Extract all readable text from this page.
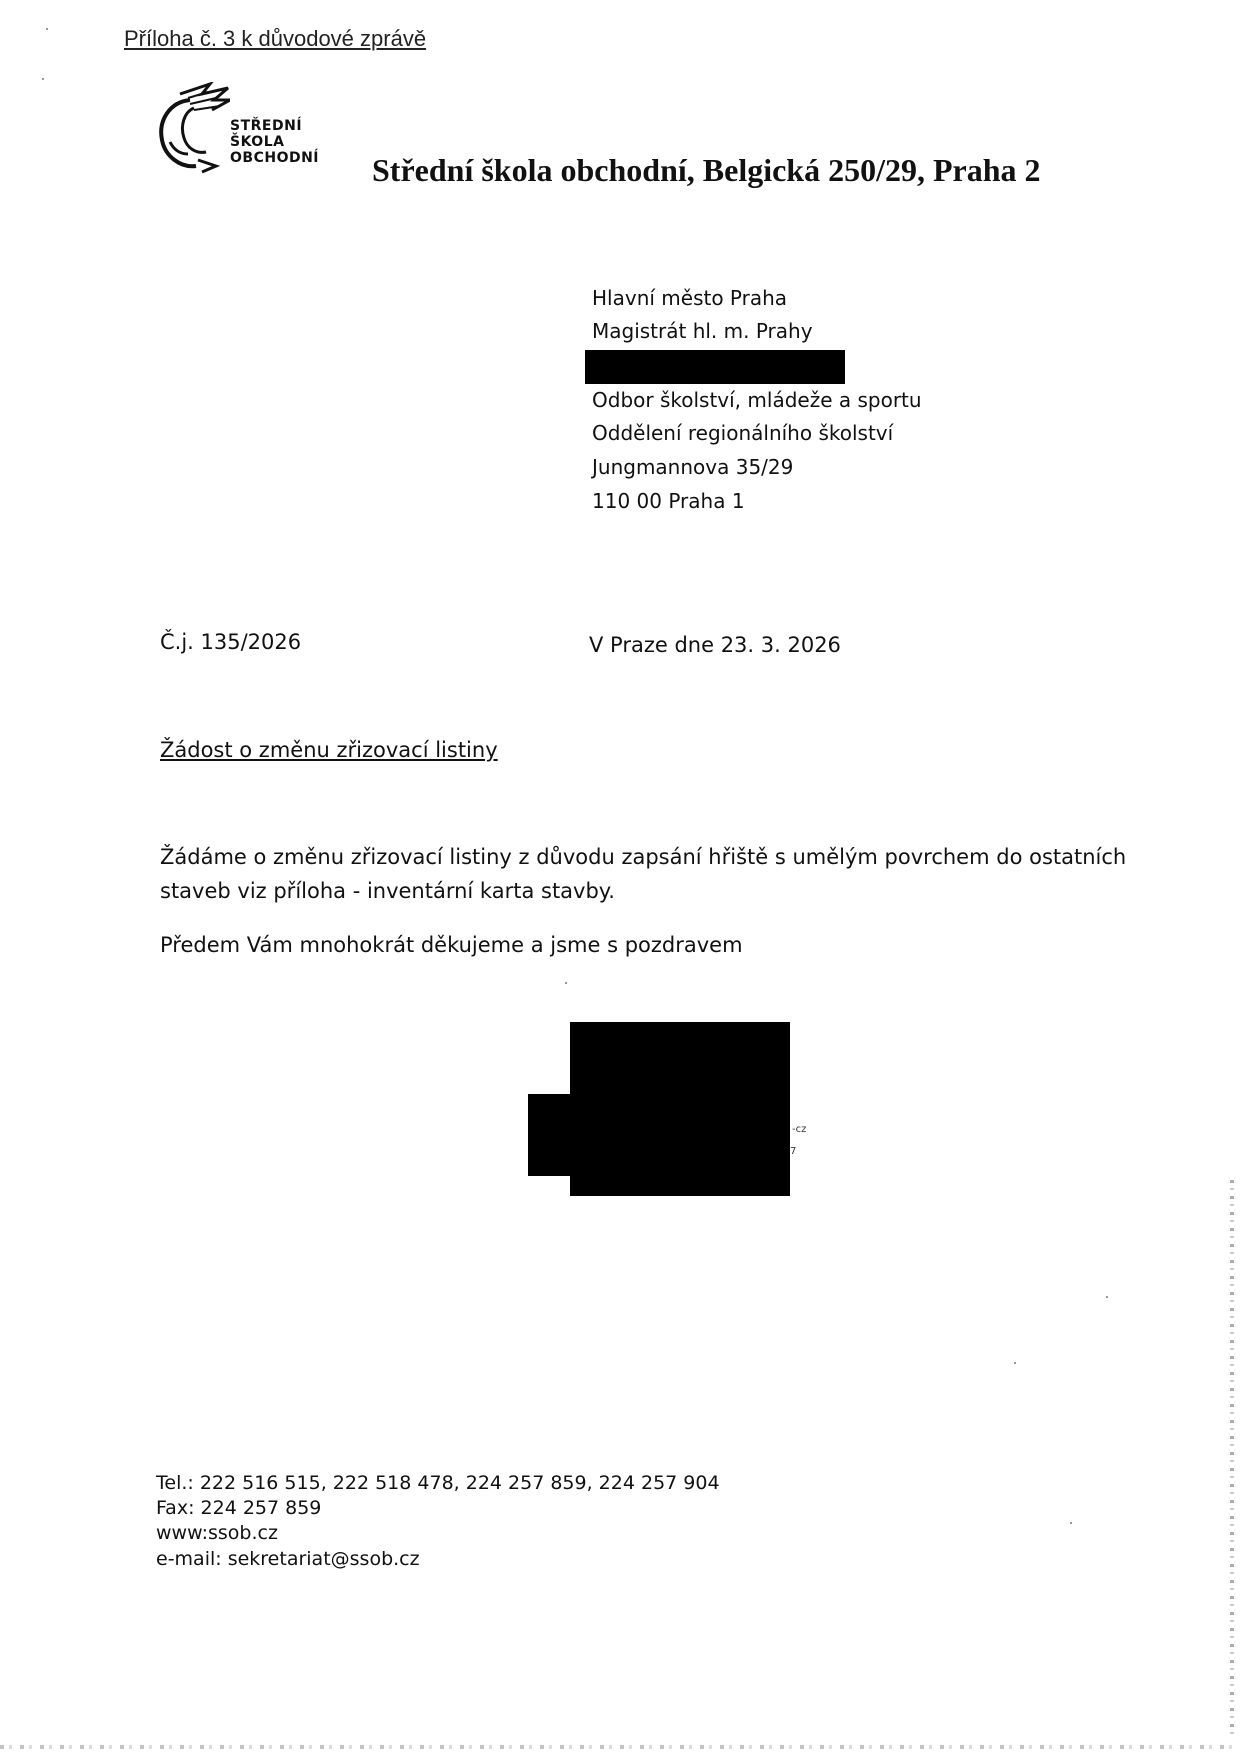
Příloha č. 3 k důvodové zprávě
STŘEDNÍ
ŠKOLA
OBCHODNÍ Střední škola obchodní, Belgická 250/29, Praha 2
Hlavní město Praha
Magistrát hl. m. Prahy
Odbor školství, mládeže a sportu
Oddělení regionálního školství
Jungmannova 35/29
110 00 Praha 1
Č.j. 135/2026	V Praze dne 23. 3. 2026
Žádost o změnu zřizovací listiny
Žádáme o změnu zřizovací listiny z důvodu zapsání hřiště s umělým povrchem do ostatních
staveb viz příloha - inventární karta stavby.
Předem Vám mnohokrát děkujeme a jsme s pozdravem
-cz
7
Tel.: 222 516 515, 222 518 478, 224 257 859, 224 257 904
Fax: 224 257 859
www:ssob.cz
e-mail: sekretariat@ssob.cz
